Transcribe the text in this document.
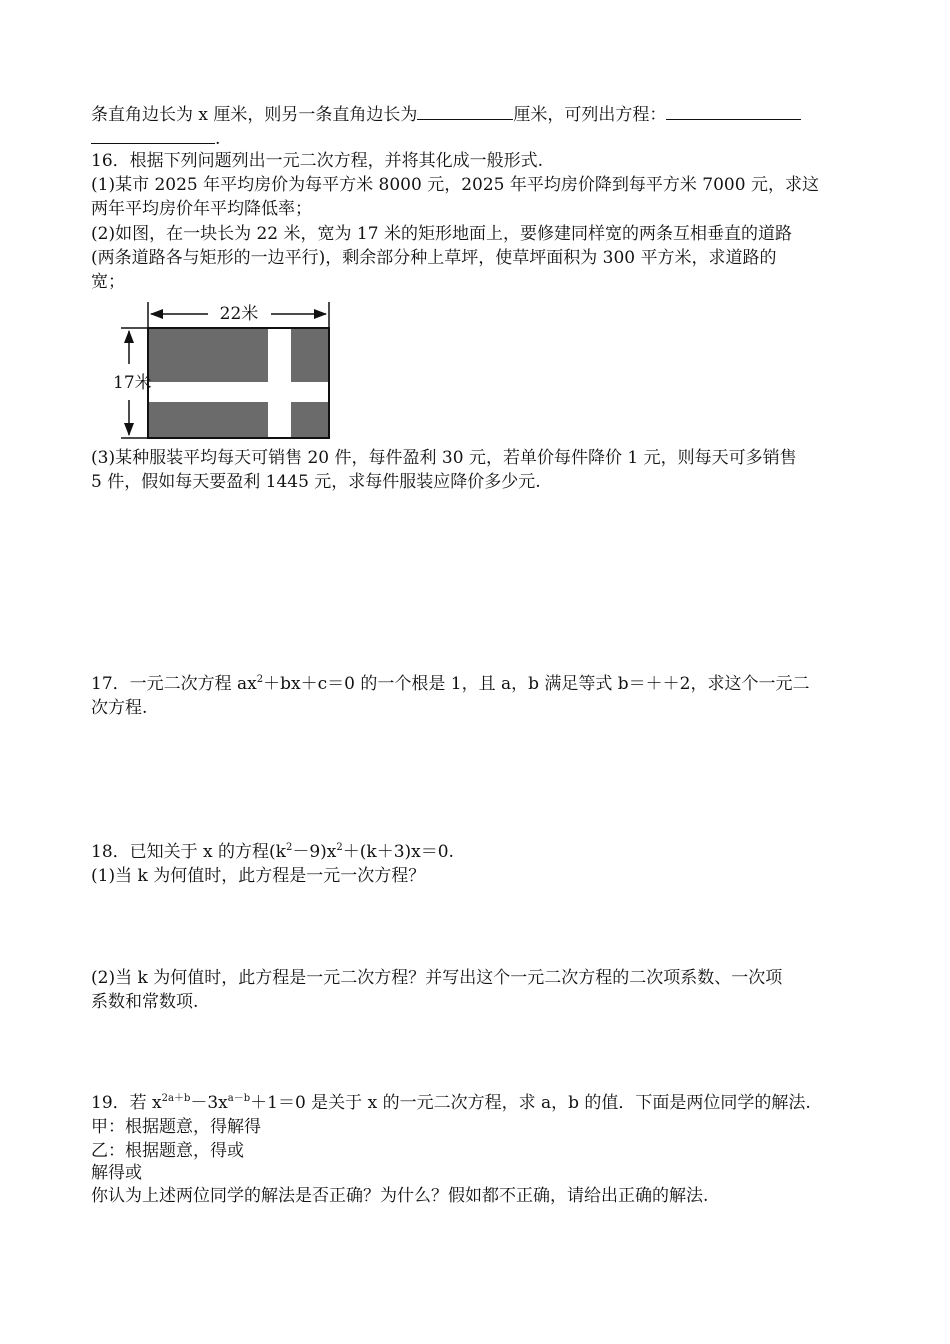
条直角边长为 x 厘米，则另一条直角边长为	厘米，可列出方程：
.
16．根据下列问题列出一元二次方程，并将其化成一般形式.
(1)某市 2025 年平均房价为每平方米 8000 元，2025 年平均房价降到每平方米 7000 元，求这
两年平均房价年平均降低率；
(2)如图，在一块长为 22 米，宽为 17 米的矩形地面上，要修建同样宽的两条互相垂直的道路
(两条道路各与矩形的一边平行)，剩余部分种上草坪，使草坪面积为 300 平方米，求道路的
宽；
22米
17米
(3)某种服装平均每天可销售 20 件，每件盈利 30 元，若单价每件降价 1 元，则每天可多销售
5 件，假如每天要盈利 1445 元，求每件服装应降价多少元.
17．一元二次方程 $ax^2+bx+c=0$ 的一个根是 1，且 a，b 满足等式 b＝＋＋2，求这个一元二
次方程.
18．已知关于 x 的方程$(k^2-9)x^2+(k+3)x=0$.
(1)当 k 为何值时，此方程是一元一次方程？
(2)当 k 为何值时，此方程是一元二次方程？并写出这个一元二次方程的二次项系数、一次项
系数和常数项.
19．若 $x^{2a+b}-3x^{a-b}+1=0$ 是关于 x 的一元二次方程，求 a，b 的值．下面是两位同学的解法.
甲：根据题意，得解得
乙：根据题意，得或
解得或
你认为上述两位同学的解法是否正确？为什么？假如都不正确，请给出正确的解法.
